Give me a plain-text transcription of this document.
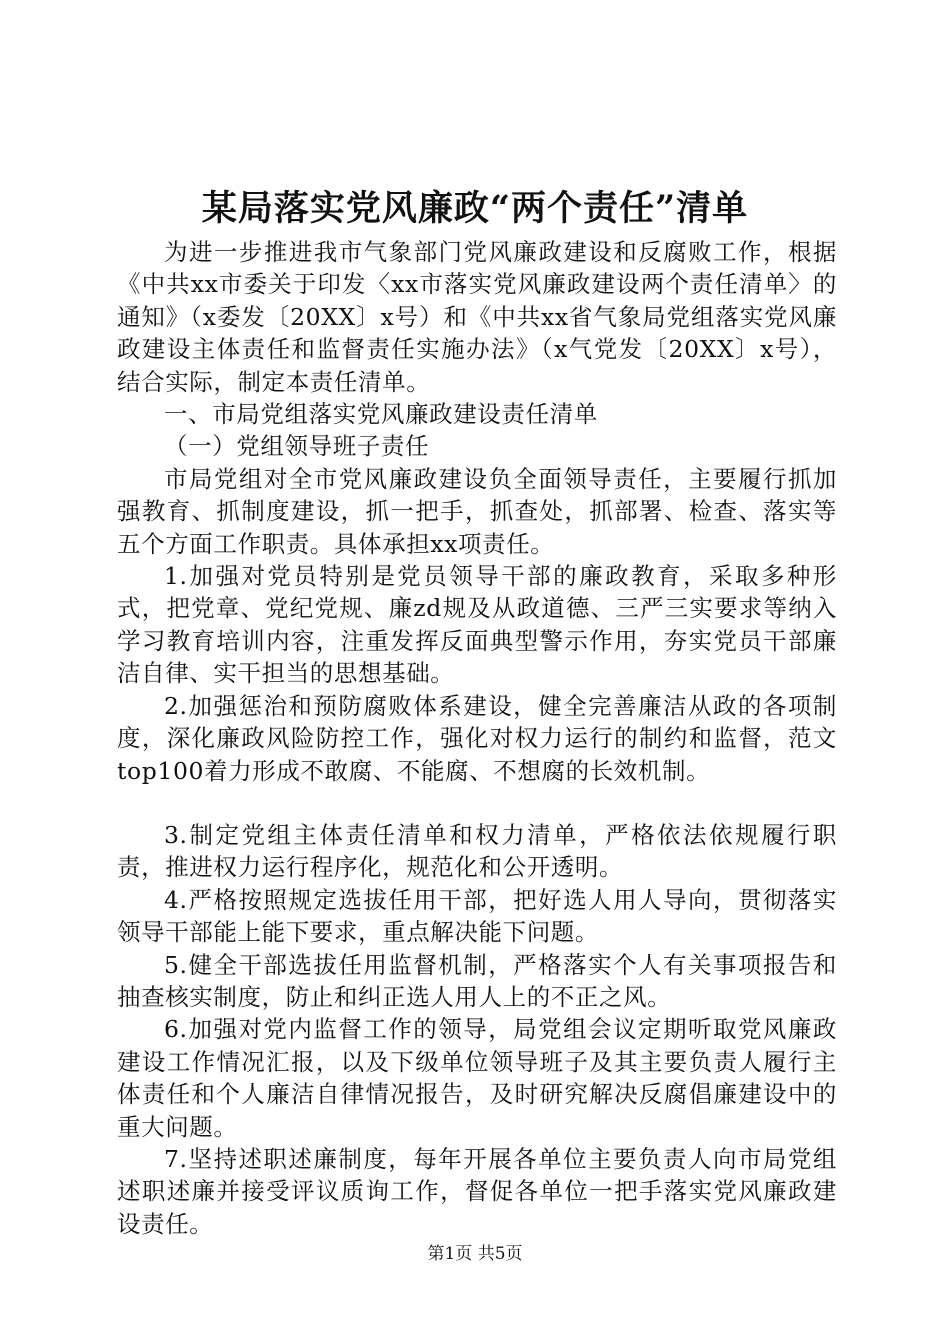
某局落实党风廉政“两个责任”清单

为进一步推进我市气象部门党风廉政建设和反腐败工作，根据《中共xx市委关于印发〈xx市落实党风廉政建设两个责任清单〉的通知》（x委发〔20XX〕x号）和《中共xx省气象局党组落实党风廉政建设主体责任和监督责任实施办法》（x气党发〔20XX〕x号），结合实际，制定本责任清单。

一、市局党组落实党风廉政建设责任清单

（一）党组领导班子责任

市局党组对全市党风廉政建设负全面领导责任，主要履行抓加强教育、抓制度建设，抓一把手，抓查处，抓部署、检查、落实等五个方面工作职责。具体承担xx项责任。

1.加强对党员特别是党员领导干部的廉政教育，采取多种形式，把党章、党纪党规、廉zd规及从政道德、三严三实要求等纳入学习教育培训内容，注重发挥反面典型警示作用，夯实党员干部廉洁自律、实干担当的思想基础。

2.加强惩治和预防腐败体系建设，健全完善廉洁从政的各项制度，深化廉政风险防控工作，强化对权力运行的制约和监督，范文top100着力形成不敢腐、不能腐、不想腐的长效机制。

3.制定党组主体责任清单和权力清单，严格依法依规履行职责，推进权力运行程序化，规范化和公开透明。

4.严格按照规定选拔任用干部，把好选人用人导向，贯彻落实领导干部能上能下要求，重点解决能下问题。

5.健全干部选拔任用监督机制，严格落实个人有关事项报告和抽查核实制度，防止和纠正选人用人上的不正之风。

6.加强对党内监督工作的领导，局党组会议定期听取党风廉政建设工作情况汇报，以及下级单位领导班子及其主要负责人履行主体责任和个人廉洁自律情况报告，及时研究解决反腐倡廉建设中的重大问题。

7.坚持述职述廉制度，每年开展各单位主要负责人向市局党组述职述廉并接受评议质询工作，督促各单位一把手落实党风廉政建设责任。

第1页 共5页
